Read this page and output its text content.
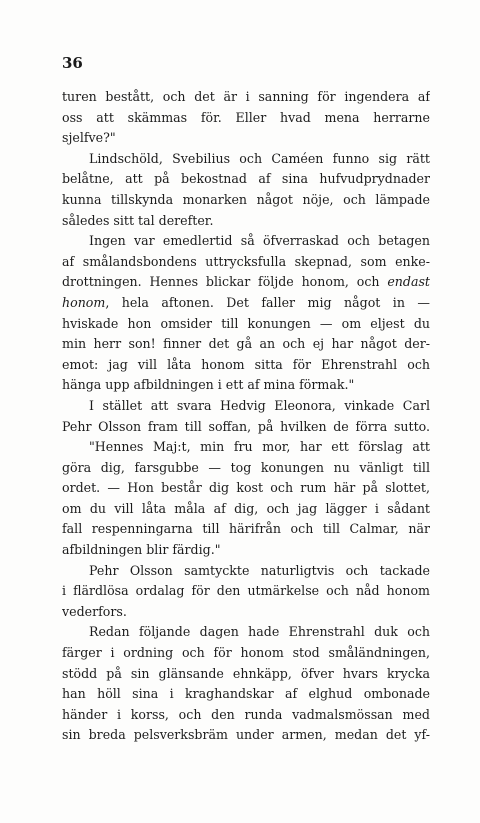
36
turen bestått, och det är i sanning för ingendera af
oss att skämmas för. Eller hvad mena herrarne
sjelfve?"
Lindschöld, Svebilius och Caméen funno sig rätt
belåtne, att på bekostnad af sina hufvudprydnader
kunna tillskynda monarken något nöje, och lämpade
således sitt tal derefter.
Ingen var emedlertid så öfverraskad och betagen
af smålandsbondens uttrycksfulla skepnad, som enke-
drottningen. Hennes blickar följde honom, och endast
honom, hela aftonen. Det faller mig något in —
hviskade hon omsider till konungen — om eljest du
min herr son! finner det gå an och ej har något der-
emot: jag vill låta honom sitta för Ehrenstrahl och
hänga upp afbildningen i ett af mina förmak."
I stället att svara Hedvig Eleonora, vinkade Carl
Pehr Olsson fram till soffan, på hvilken de förra sutto.
"Hennes Maj:t, min fru mor, har ett förslag att
göra dig, farsgubbe — tog konungen nu vänligt till
ordet. — Hon består dig kost och rum här på slottet,
om du vill låta måla af dig, och jag lägger i sådant
fall respenningarna till härifrån och till Calmar, när
afbildningen blir färdig."
Pehr Olsson samtyckte naturligtvis och tackade
i flärdlösa ordalag för den utmärkelse och nåd honom
vederfors.
Redan följande dagen hade Ehrenstrahl duk och
färger i ordning och för honom stod småländningen,
stödd på sin glänsande ehnkäpp, öfver hvars krycka
han höll sina i kraghandskar af elghud ombonade
händer i korss, och den runda vadmalsmössan med
sin breda pelsverksbräm under armen, medan det yf-
